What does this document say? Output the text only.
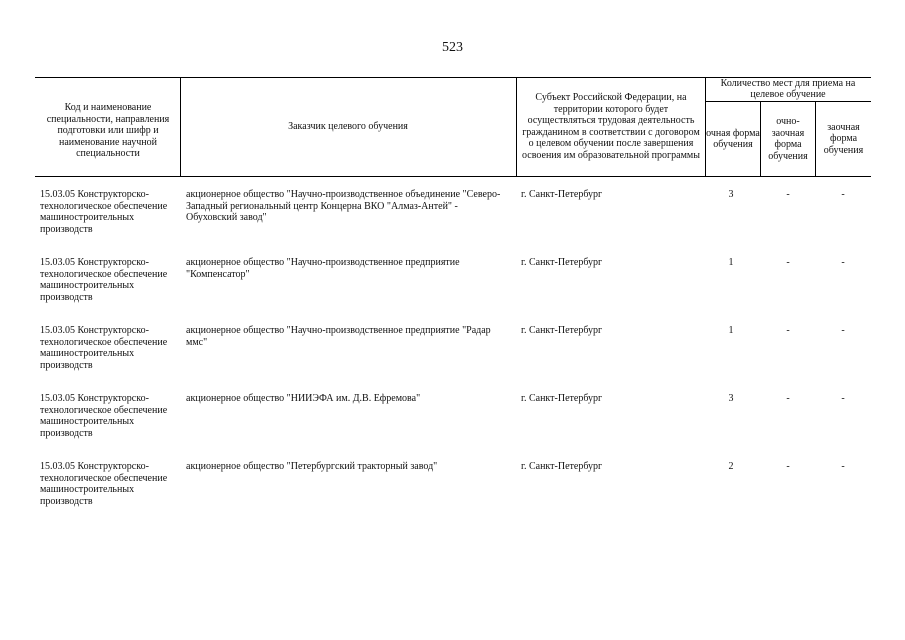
523
Код и наименование специальности, направления подготовки или шифр и наименование научной специальности
Заказчик целевого обучения
Субъект Российской Федерации, на территории которого будет осуществляться трудовая деятельность гражданином в соответствии с договором о целевом обучении после завершения освоения им образовательной программы
Количество мест для приема на целевое обучение
очная форма обучения
очно-заочная форма обучения
заочная форма обучения
15.03.05 Конструкторско-технологическое обеспечение машиностроительных производств
акционерное общество "Научно-производственное объединение "Северо-Западный региональный центр Концерна ВКО "Алмаз-Антей" - Обуховский завод"
г. Санкт-Петербург	3	-	-
15.03.05 Конструкторско-технологическое обеспечение машиностроительных производств
акционерное общество "Научно-производственное предприятие "Компенсатор"
г. Санкт-Петербург	1	-	-
15.03.05 Конструкторско-технологическое обеспечение машиностроительных производств
акционерное общество "Научно-производственное предприятие "Радар ммс"
г. Санкт-Петербург	1	-	-
15.03.05 Конструкторско-технологическое обеспечение машиностроительных производств
акционерное общество "НИИЭФА им. Д.В. Ефремова"	г. Санкт-Петербург	3	-	-
15.03.05 Конструкторско-технологическое обеспечение машиностроительных производств
акционерное общество "Петербургский тракторный завод"	г. Санкт-Петербург	2	-	-
